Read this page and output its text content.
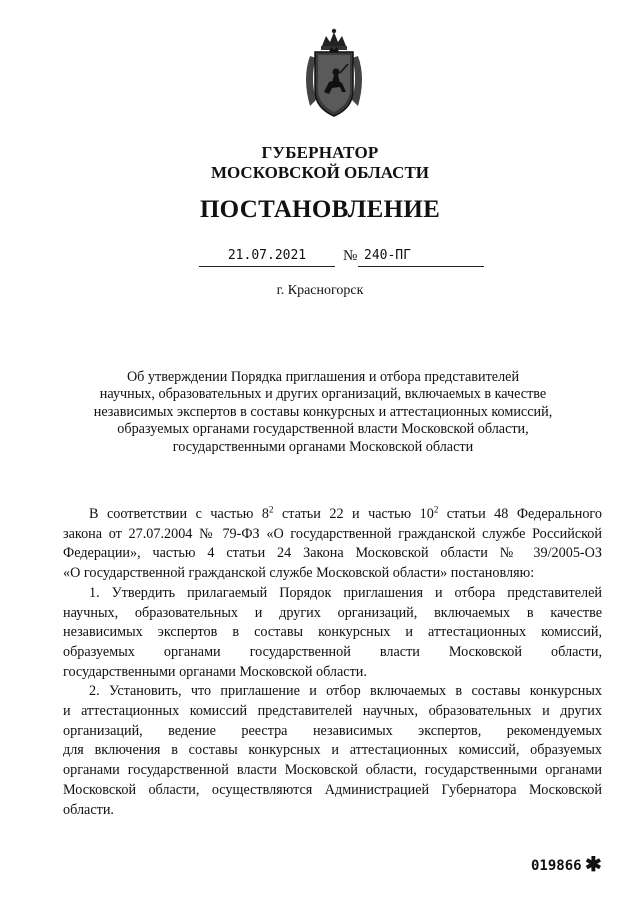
ГУБЕРНАТОР
МОСКОВСКОЙ ОБЛАСТИ
ПОСТАНОВЛЕНИЕ
21.07.2021	№ 240-ПГ
г. Красногорск
Об утверждении Порядка приглашения и отбора представителей
научных, образовательных и других организаций, включаемых в качестве
независимых экспертов в составы конкурсных и аттестационных комиссий,
образуемых органами государственной власти Московской области,
государственными органами Московской области
В соответствии с частью $8^2$ статьи 22 и частью $10^2$ статьи 48 Федерального
закона от 27.07.2004 № 79-ФЗ «О государственной гражданской службе Российской
Федерации», частью 4 статьи 24 Закона Московской области № 39/2005-ОЗ
«О государственной гражданской службе Московской области» постановляю:
1. Утвердить прилагаемый Порядок приглашения и отбора представителей
научных, образовательных и других организаций, включаемых в качестве
независимых экспертов в составы конкурсных и аттестационных комиссий,
образуемых органами государственной власти Московской области,
государственными органами Московской области.
2. Установить, что приглашение и отбор включаемых в составы конкурсных
и аттестационных комиссий представителей научных, образовательных и других
организаций, ведение реестра независимых экспертов, рекомендуемых
для включения в составы конкурсных и аттестационных комиссий, образуемых
органами государственной власти Московской области, государственными органами
Московской области, осуществляются Администрацией Губернатора Московской
области.
019866 ✱
